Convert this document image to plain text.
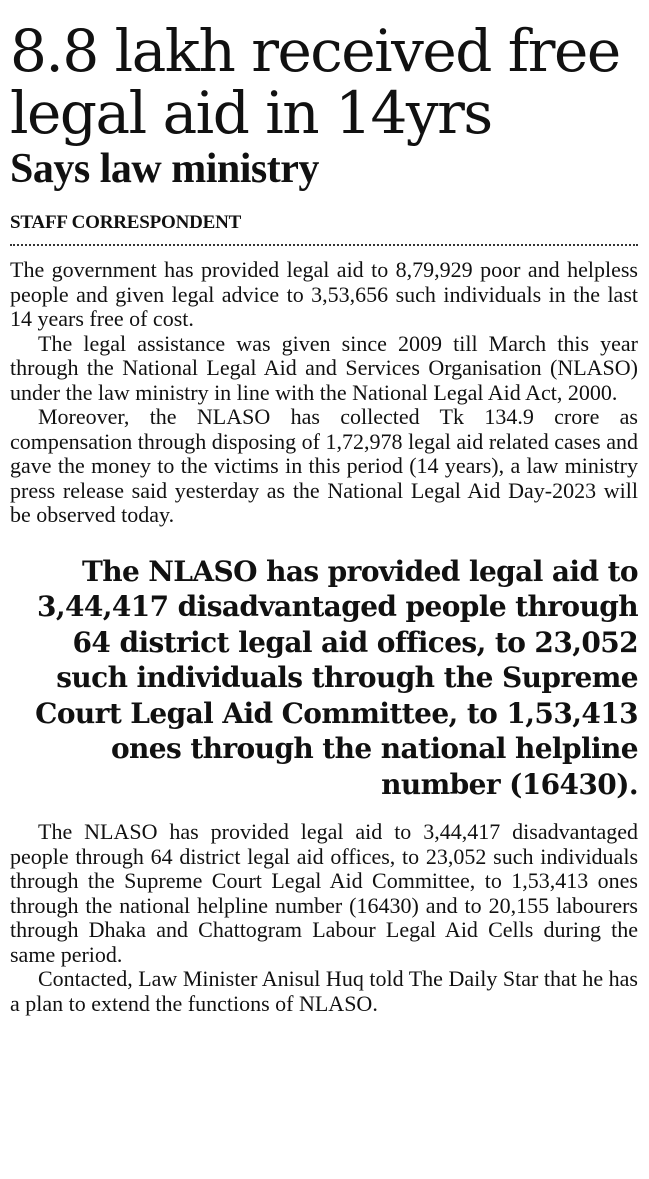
8.8 lakh received free
legal aid in 14yrs
Says law ministry
STAFF CORRESPONDENT

The government has provided legal aid to 8,79,929 poor and helpless people and given legal advice to 3,53,656 such individuals in the last 14 years free of cost.

The legal assistance was given since 2009 till March this year through the National Legal Aid and Services Organisation (NLASO) under the law ministry in line with the National Legal Aid Act, 2000.

Moreover, the NLASO has collected Tk 134.9 crore as compensation through disposing of 1,72,978 legal aid related cases and gave the money to the victims in this period (14 years), a law ministry press release said yesterday as the National Legal Aid Day-2023 will be observed today.

The NLASO has provided legal aid to
3,44,417 disadvantaged people through
64 district legal aid offices, to 23,052
such individuals through the Supreme
Court Legal Aid Committee, to 1,53,413
ones through the national helpline
number (16430).

The NLASO has provided legal aid to 3,44,417 disadvantaged people through 64 district legal aid offices, to 23,052 such individuals through the Supreme Court Legal Aid Committee, to 1,53,413 ones through the national helpline number (16430) and to 20,155 labourers through Dhaka and Chattogram Labour Legal Aid Cells during the same period.

Contacted, Law Minister Anisul Huq told The Daily Star that he has a plan to extend the functions of NLASO.
